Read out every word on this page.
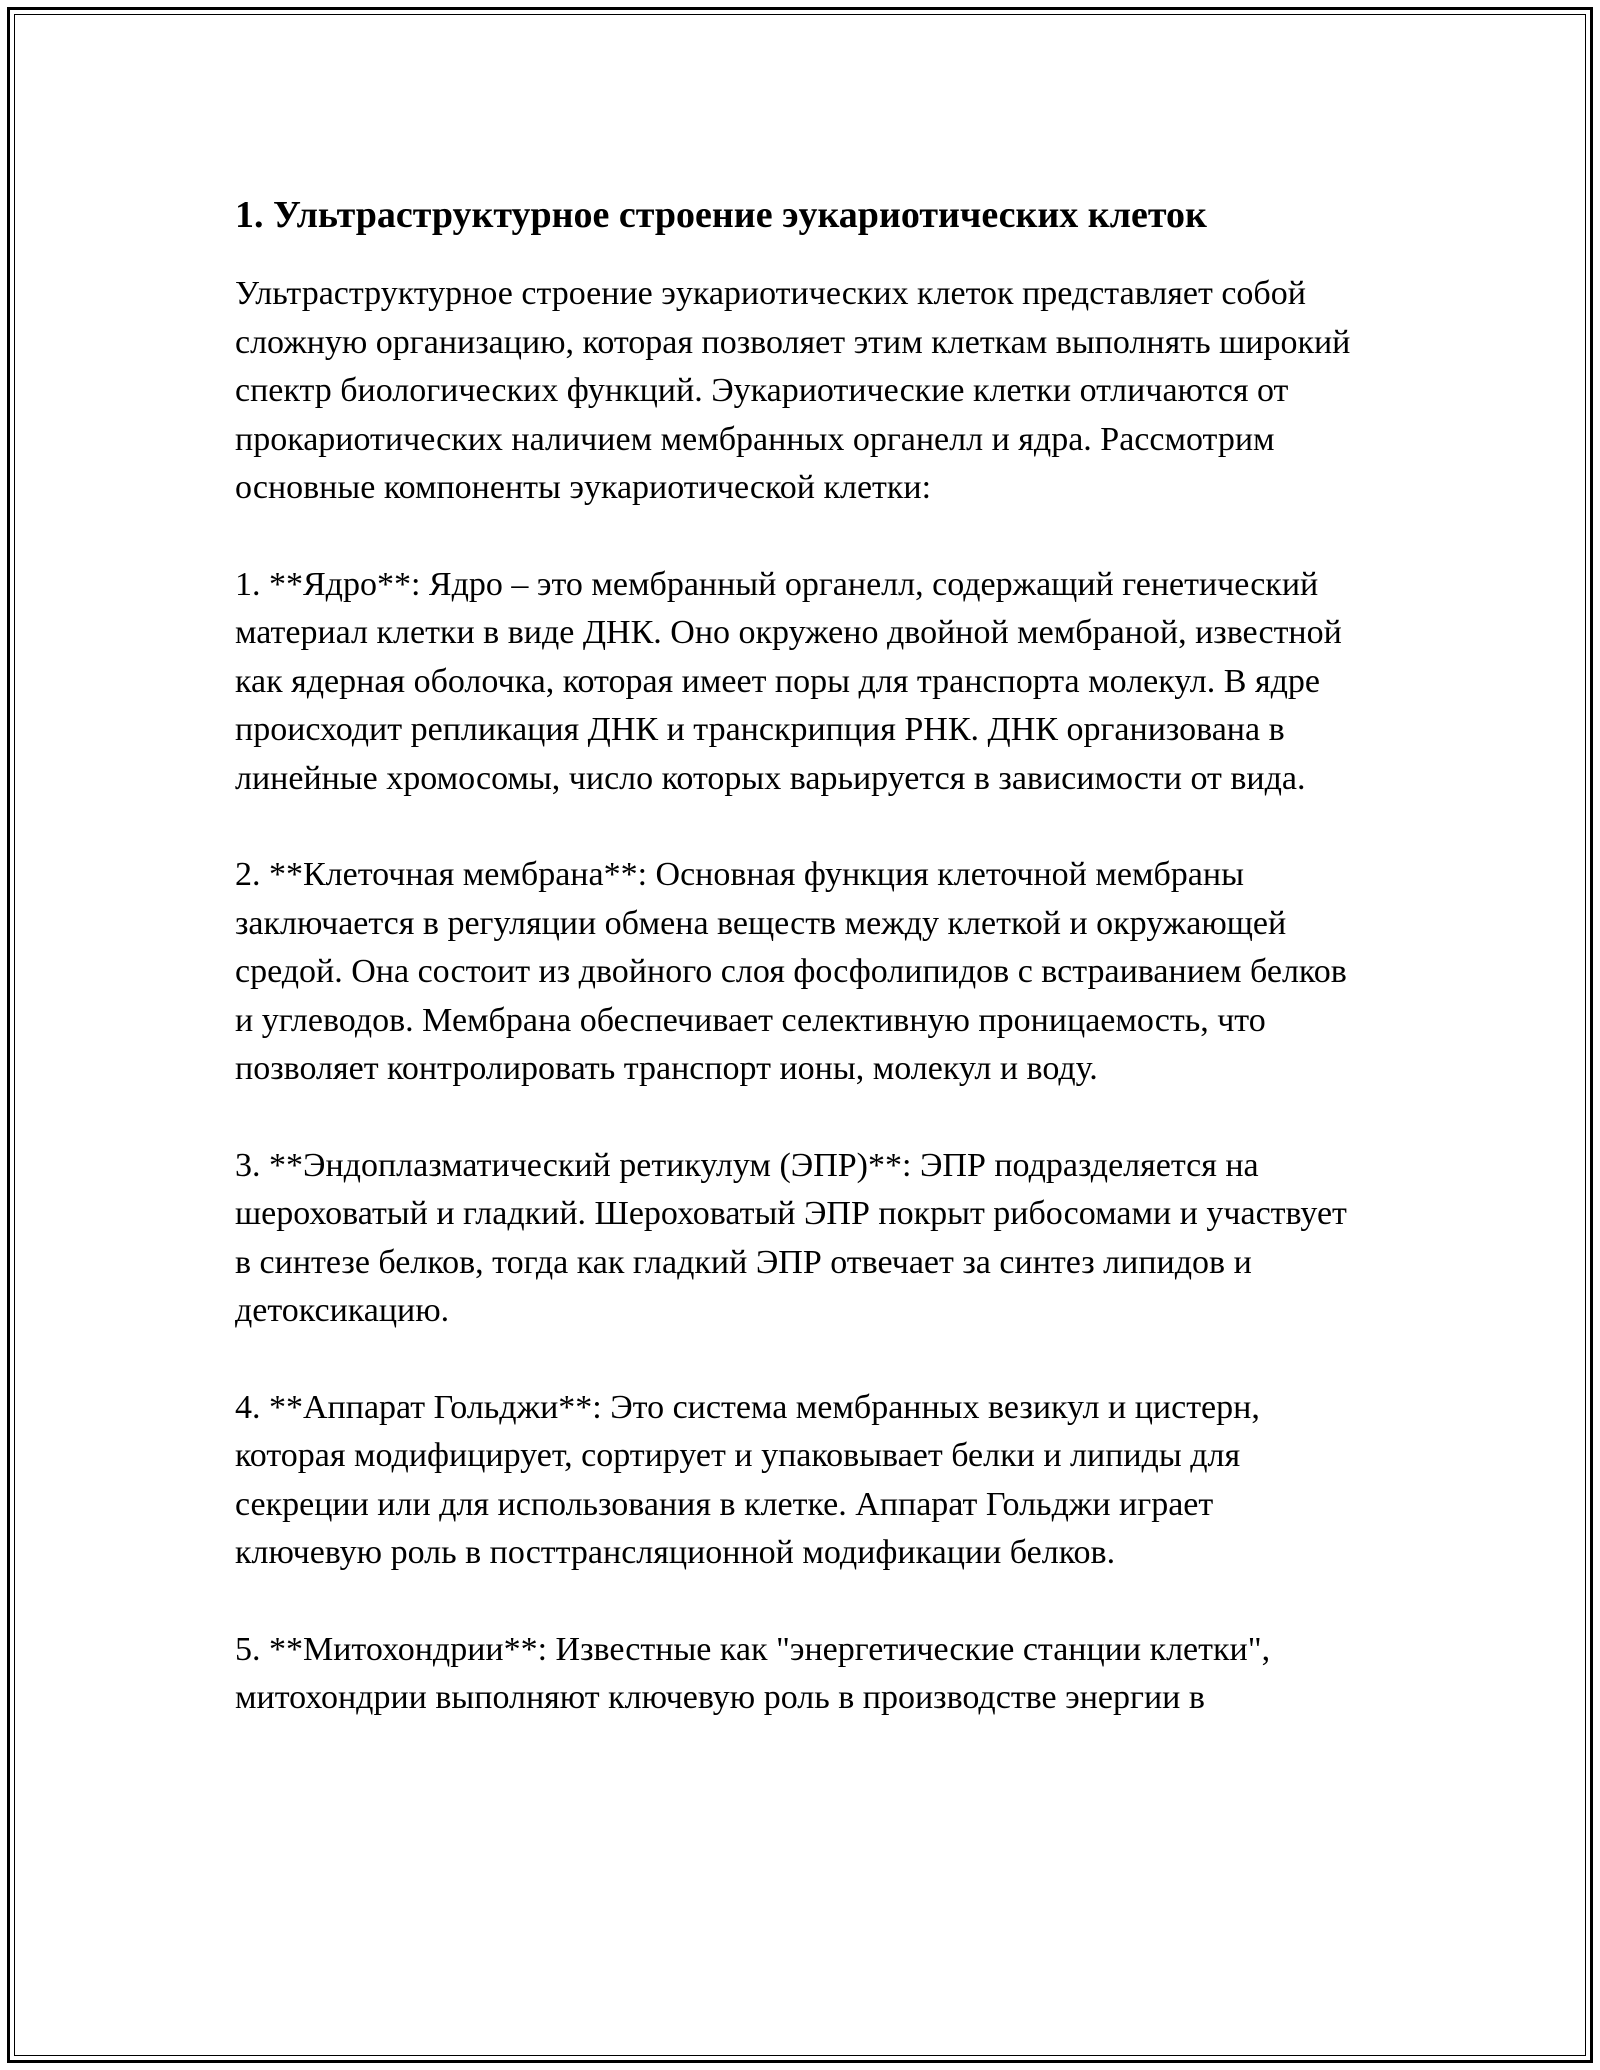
1. Ультраструктурное строение эукариотических клеток

Ультраструктурное строение эукариотических клеток представляет собой сложную организацию, которая позволяет этим клеткам выполнять широкий спектр биологических функций. Эукариотические клетки отличаются от прокариотических наличием мембранных органелл и ядра. Рассмотрим основные компоненты эукариотической клетки:

1. **Ядро**: Ядро – это мембранный органелл, содержащий генетический материал клетки в виде ДНК. Оно окружено двойной мембраной, известной как ядерная оболочка, которая имеет поры для транспорта молекул. В ядре происходит репликация ДНК и транскрипция РНК. ДНК организована в линейные хромосомы, число которых варьируется в зависимости от вида.

2. **Клеточная мембрана**: Основная функция клеточной мембраны заключается в регуляции обмена веществ между клеткой и окружающей средой. Она состоит из двойного слоя фосфолипидов с встраиванием белков и углеводов. Мембрана обеспечивает селективную проницаемость, что позволяет контролировать транспорт ионы, молекул и воду.

3. **Эндоплазматический ретикулум (ЭПР)**: ЭПР подразделяется на шероховатый и гладкий. Шероховатый ЭПР покрыт рибосомами и участвует в синтезе белков, тогда как гладкий ЭПР отвечает за синтез липидов и детоксикацию.

4. **Аппарат Гольджи**: Это система мембранных везикул и цистерн, которая модифицирует, сортирует и упаковывает белки и липиды для секреции или для использования в клетке. Аппарат Гольджи играет ключевую роль в посттрансляционной модификации белков.

5. **Митохондрии**: Известные как "энергетические станции клетки", митохондрии выполняют ключевую роль в производстве энергии в
